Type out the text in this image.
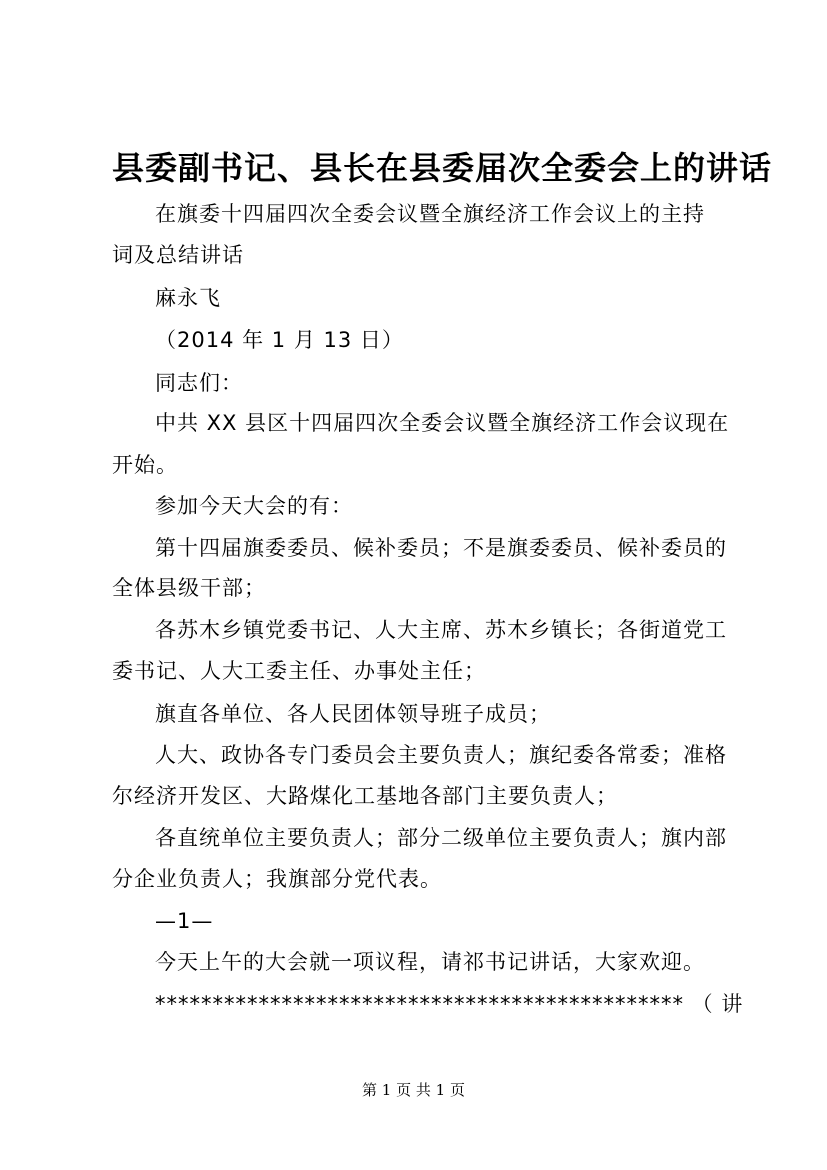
县委副书记、县长在县委届次全委会上的讲话
在旗委十四届四次全委会议暨全旗经济工作会议上的主持
词及总结讲话
麻永飞
（2014 年 1 月 13 日）
同志们：
中共 XX 县区十四届四次全委会议暨全旗经济工作会议现在
开始。
参加今天大会的有：
第十四届旗委委员、候补委员；不是旗委委员、候补委员的
全体县级干部；
各苏木乡镇党委书记、人大主席、苏木乡镇长；各街道党工
委书记、人大工委主任、办事处主任；
旗直各单位、各人民团体领导班子成员；
人大、政协各专门委员会主要负责人；旗纪委各常委；准格
尔经济开发区、大路煤化工基地各部门主要负责人；
各直统单位主要负责人；部分二级单位主要负责人；旗内部
分企业负责人；我旗部分党代表。
—1—
今天上午的大会就一项议程，请祁书记讲话，大家欢迎。
********************************************** （ 讲
第 1 页 共 1 页
